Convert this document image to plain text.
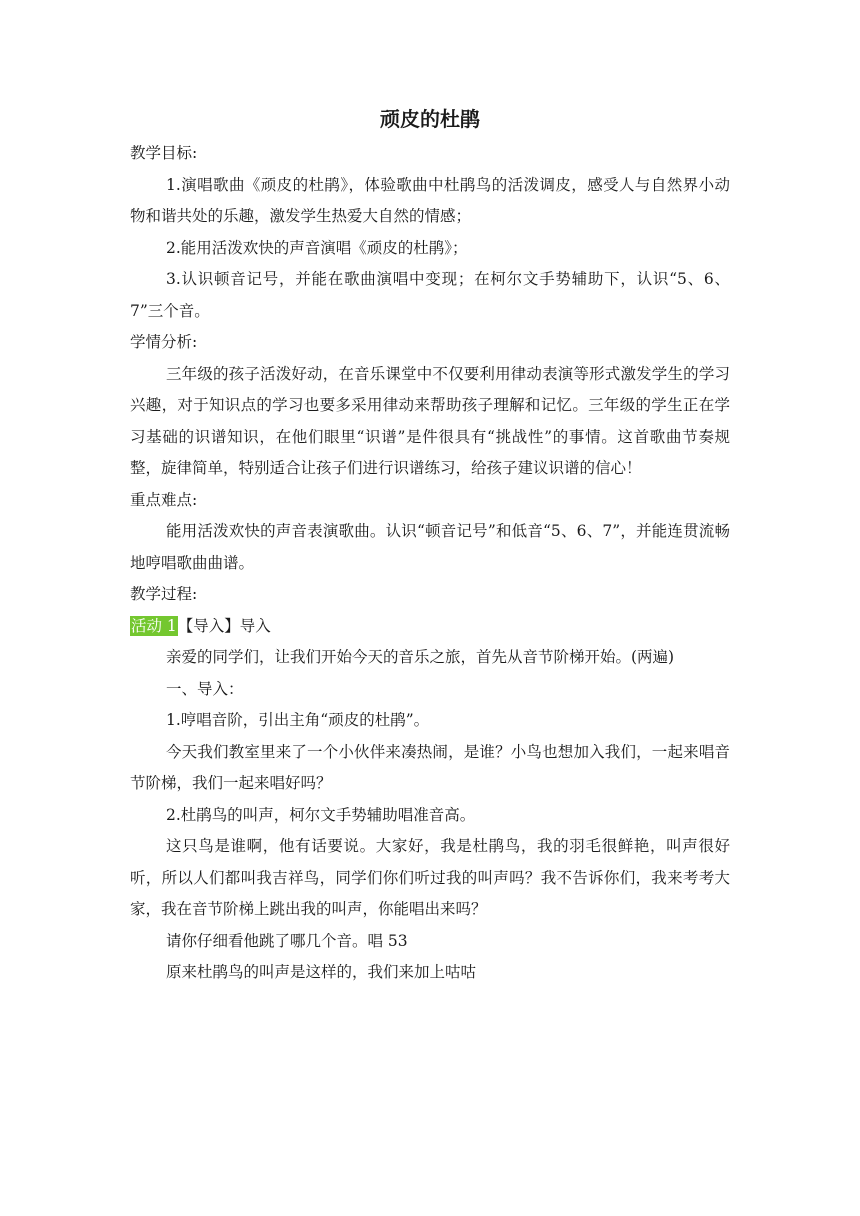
顽皮的杜鹃

教学目标:

1.演唱歌曲《顽皮的杜鹃》，体验歌曲中杜鹃鸟的活泼调皮，感受人与自然界小动物和谐共处的乐趣，激发学生热爱大自然的情感；

2.能用活泼欢快的声音演唱《顽皮的杜鹃》；

3.认识顿音记号，并能在歌曲演唱中变现；在柯尔文手势辅助下，认识“5、6、7”三个音。

学情分析:

三年级的孩子活泼好动，在音乐课堂中不仅要利用律动表演等形式激发学生的学习兴趣，对于知识点的学习也要多采用律动来帮助孩子理解和记忆。三年级的学生正在学习基础的识谱知识，在他们眼里“识谱”是件很具有“挑战性”的事情。这首歌曲节奏规整，旋律简单，特别适合让孩子们进行识谱练习，给孩子建议识谱的信心！

重点难点:

能用活泼欢快的声音表演歌曲。认识“顿音记号”和低音“5、6、7”，并能连贯流畅地哼唱歌曲曲谱。

教学过程:

活动 1【导入】导入

亲爱的同学们，让我们开始今天的音乐之旅，首先从音节阶梯开始。(两遍)

一、导入：

1.哼唱音阶，引出主角“顽皮的杜鹃”。

今天我们教室里来了一个小伙伴来凑热闹，是谁？小鸟也想加入我们，一起来唱音节阶梯，我们一起来唱好吗？

2.杜鹃鸟的叫声，柯尔文手势辅助唱准音高。

这只鸟是谁啊，他有话要说。大家好，我是杜鹃鸟，我的羽毛很鲜艳，叫声很好听，所以人们都叫我吉祥鸟，同学们你们听过我的叫声吗？我不告诉你们，我来考考大家，我在音节阶梯上跳出我的叫声，你能唱出来吗？

请你仔细看他跳了哪几个音。唱 53

原来杜鹃鸟的叫声是这样的，我们来加上咕咕
